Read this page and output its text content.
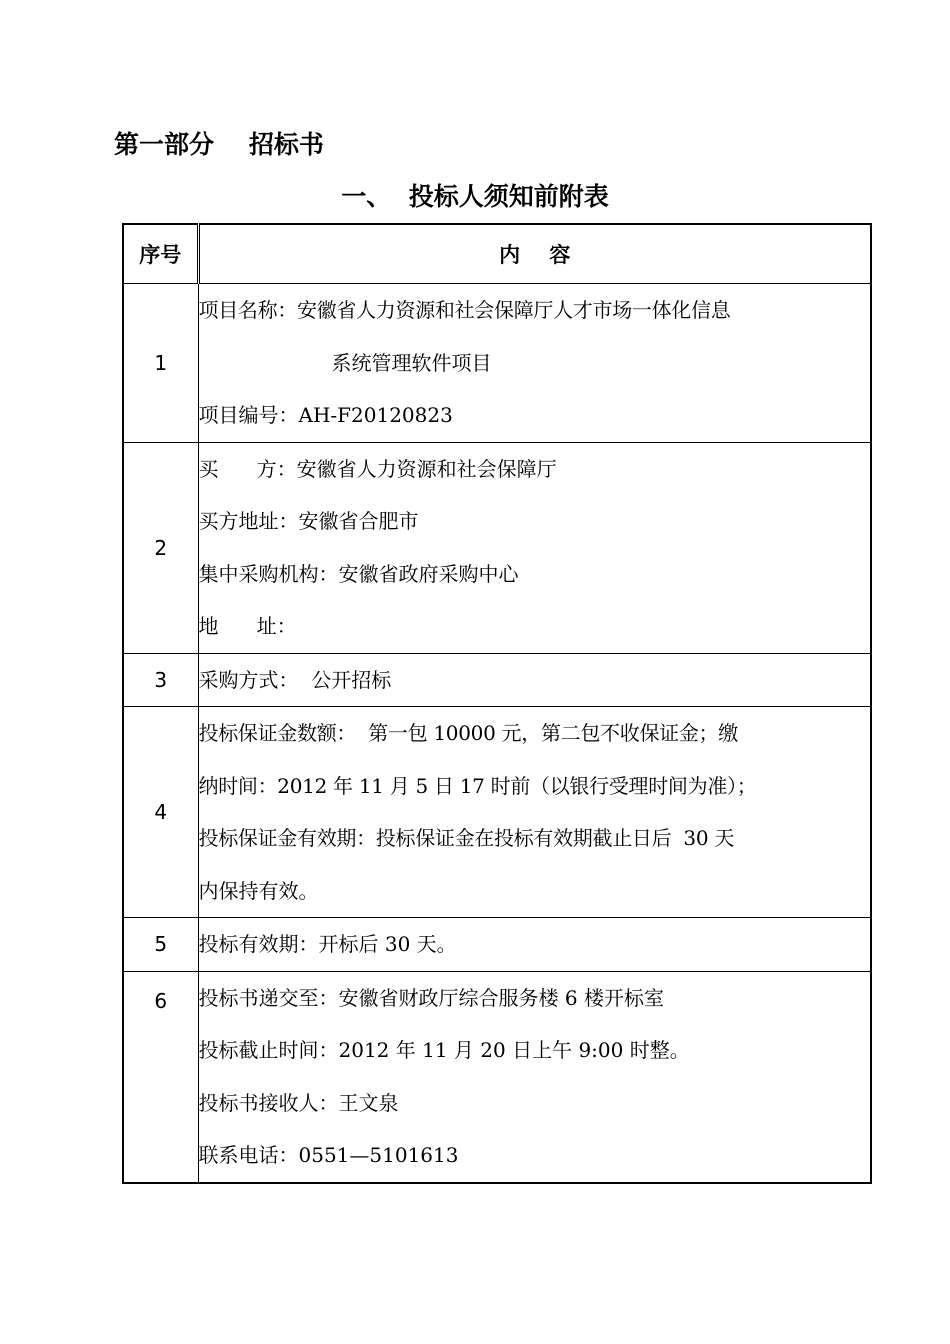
第一部分    招标书
一、  投标人须知前附表
序号	内    容
1	项目名称：安徽省人力资源和社会保障厅人才市场一体化信息
系统管理软件项目
项目编号：AH-F20120823

2	买      方：安徽省人力资源和社会保障厅
买方地址：安徽省合肥市
集中采购机构：安徽省政府采购中心
地      址：

3	采购方式：  公开招标

4	投标保证金数额：  第一包 10000 元，第二包不收保证金；缴
纳时间：2012 年 11 月 5 日 17 时前（以银行受理时间为准）；
投标保证金有效期：投标保证金在投标有效期截止日后  30 天
内保持有效。

5	投标有效期：开标后 30 天。

6	投标书递交至：安徽省财政厅综合服务楼 6 楼开标室
投标截止时间：2012 年 11 月 20 日上午 9:00 时整。
投标书接收人：王文泉
联系电话：0551—5101613
